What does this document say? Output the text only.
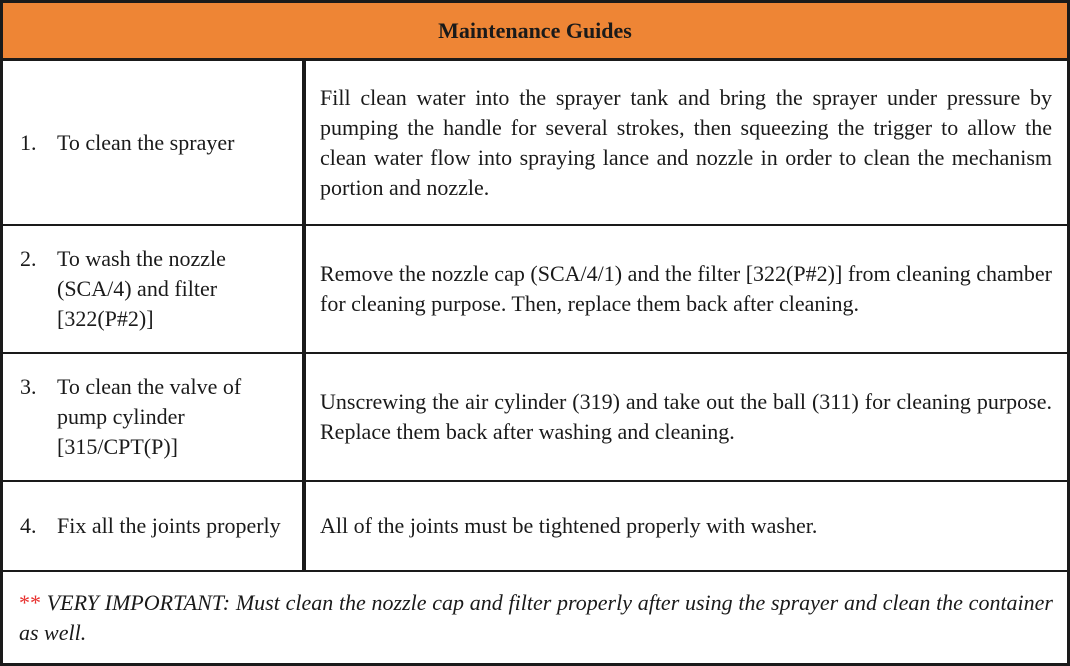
Maintenance Guides
1. To clean the sprayer
Fill clean water into the sprayer tank and bring the sprayer under pressure by pumping the handle for several strokes, then squeezing the trigger to allow the clean water flow into spraying lance and nozzle in order to clean the mechanism portion and nozzle.
2. To wash the nozzle (SCA/4) and filter [322(P#2)]
Remove the nozzle cap (SCA/4/1) and the filter [322(P#2)] from cleaning chamber for cleaning purpose. Then, replace them back after cleaning.
3. To clean the valve of pump cylinder [315/CPT(P)]
Unscrewing the air cylinder (319) and take out the ball (311) for cleaning purpose. Replace them back after washing and cleaning.
4. Fix all the joints properly	All of the joints must be tightened properly with washer.
** VERY IMPORTANT: Must clean the nozzle cap and filter properly after using the sprayer and clean the container as well.
